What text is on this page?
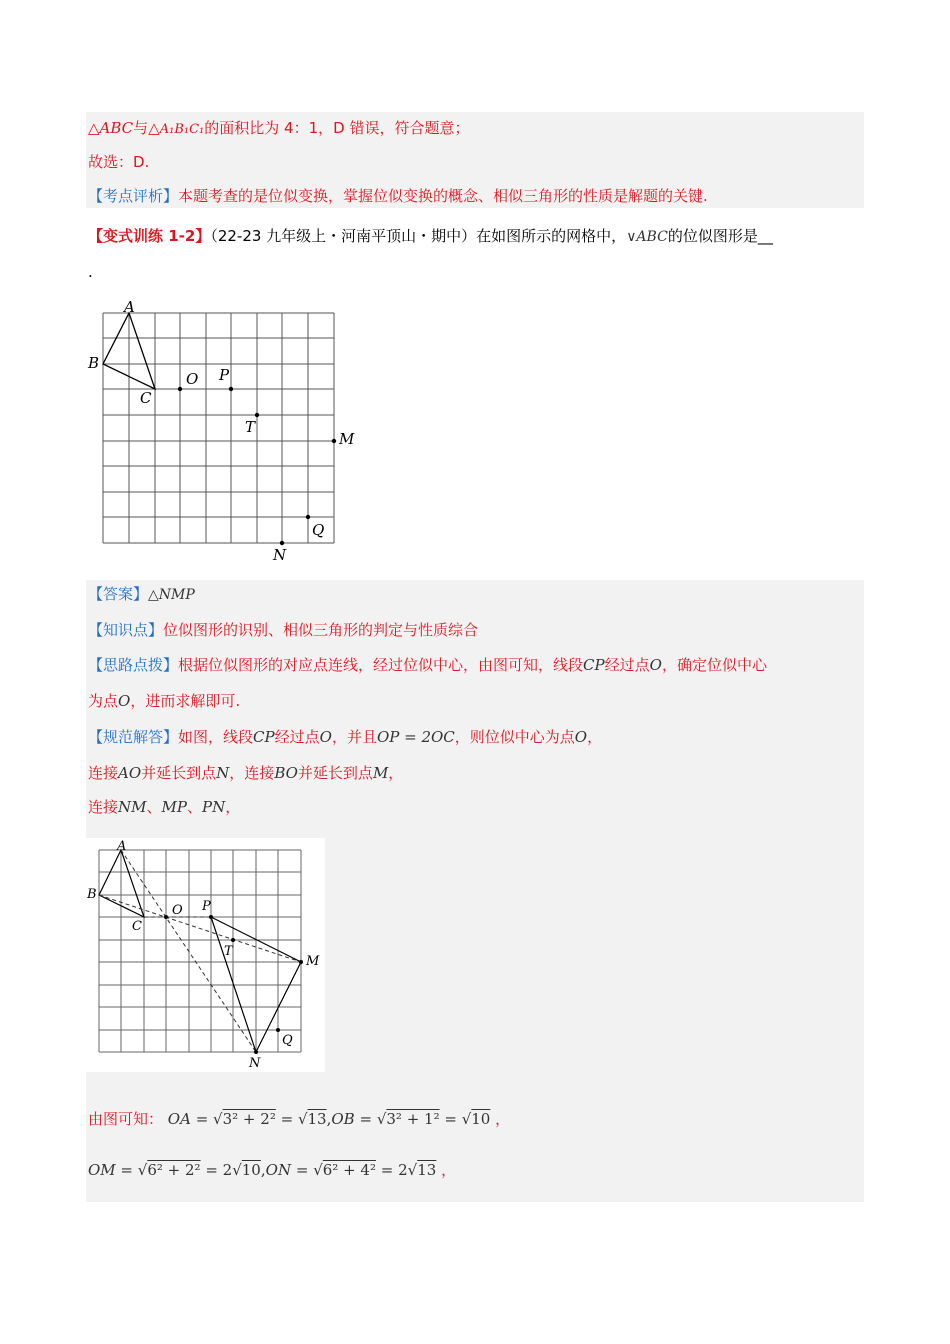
△ABC与△A₁B₁C₁的面积比为 4：1，D 错误，符合题意；
故选：D.
【考点评析】本题考查的是位似变换，掌握位似变换的概念、相似三角形的性质是解题的关键.
【变式训练 1-2】（22-23 九年级上・河南平顶山・期中）在如图所示的网格中，∨ABC的位似图形是__
.
A
B
C
O P
T
M
Q
N
【答案】△NMP
【知识点】位似图形的识别、相似三角形的判定与性质综合
【思路点拨】根据位似图形的对应点连线，经过位似中心，由图可知，线段CP经过点O，确定位似中心
为点O，进而求解即可.
【规范解答】如图，线段CP经过点O，并且OP = 2OC，则位似中心为点O，
连接AO并延长到点N，连接BO并延长到点M，
连接NM、MP、PN，
A
B
C
O P
T
M
Q
N
由图可知： OA = √3² + 2² = √13,OB = √3² + 1² = √10 ，
OM = √6² + 2² = 2√10,ON = √6² + 4² = 2√13 ，
